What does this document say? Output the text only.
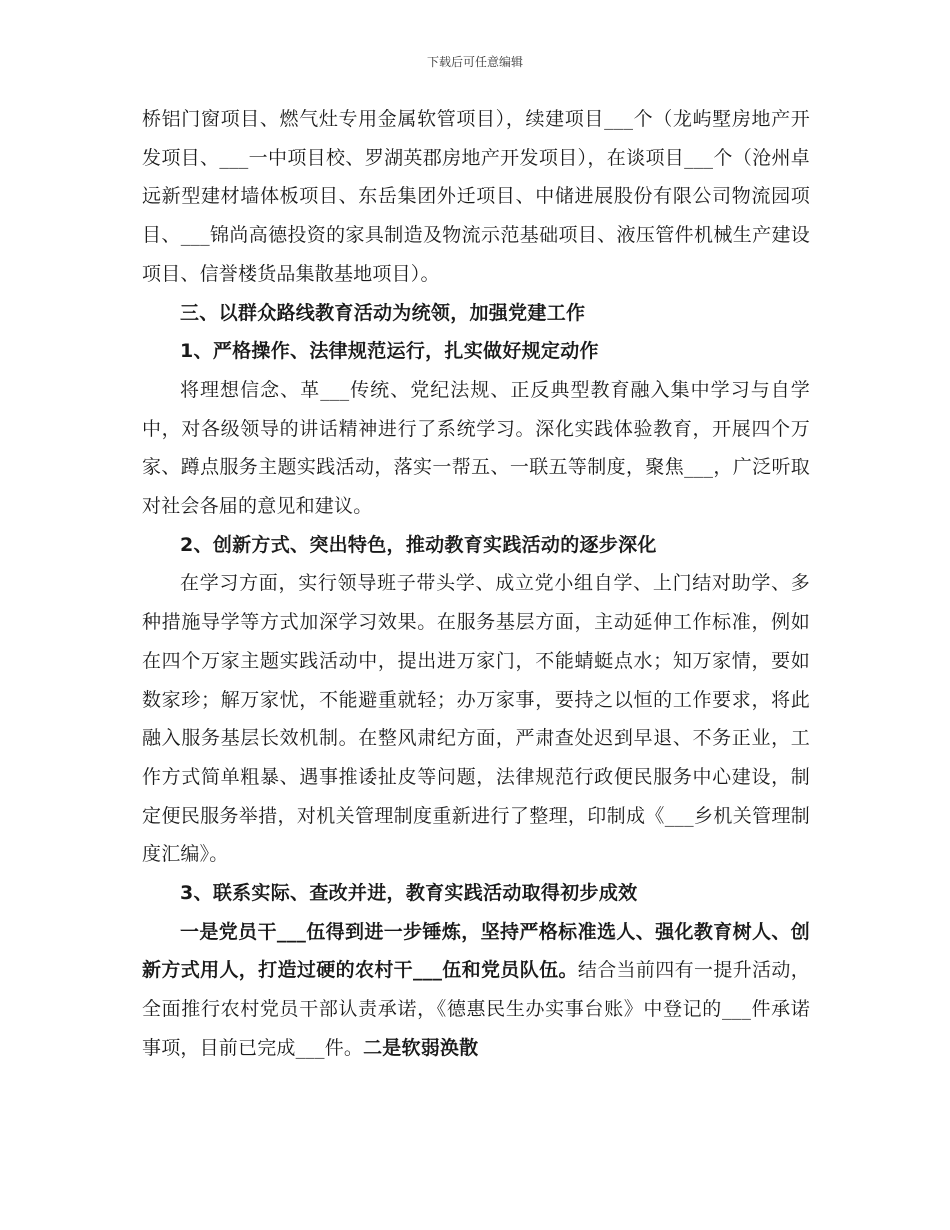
下载后可任意编辑

桥铝门窗项目、燃气灶专用金属软管项目），续建项目___个（龙屿墅房地产开发项目、___一中项目校、罗湖英郡房地产开发项目），在谈项目___个（沧州卓远新型建材墙体板项目、东岳集团外迁项目、中储进展股份有限公司物流园项目、___锦尚高德投资的家具制造及物流示范基础项目、液压管件机械生产建设项目、信誉楼货品集散基地项目）。

三、以群众路线教育活动为统领，加强党建工作

1、严格操作、法律规范运行，扎实做好规定动作

将理想信念、革___传统、党纪法规、正反典型教育融入集中学习与自学中，对各级领导的讲话精神进行了系统学习。深化实践体验教育，开展四个万家、蹲点服务主题实践活动，落实一帮五、一联五等制度，聚焦___，广泛听取对社会各届的意见和建议。

2、创新方式、突出特色，推动教育实践活动的逐步深化

在学习方面，实行领导班子带头学、成立党小组自学、上门结对助学、多种措施导学等方式加深学习效果。在服务基层方面，主动延伸工作标准，例如在四个万家主题实践活动中，提出进万家门，不能蜻蜓点水；知万家情，要如数家珍；解万家忧，不能避重就轻；办万家事，要持之以恒的工作要求，将此融入服务基层长效机制。在整风肃纪方面，严肃查处迟到早退、不务正业，工作方式简单粗暴、遇事推诿扯皮等问题，法律规范行政便民服务中心建设，制定便民服务举措，对机关管理制度重新进行了整理，印制成《___乡机关管理制度汇编》。

3、联系实际、查改并进，教育实践活动取得初步成效

一是党员干___伍得到进一步锤炼，坚持严格标准选人、强化教育树人、创新方式用人，打造过硬的农村干___伍和党员队伍。结合当前四有一提升活动，全面推行农村党员干部认责承诺，《德惠民生办实事台账》中登记的___件承诺事项，目前已完成___件。二是软弱涣散
